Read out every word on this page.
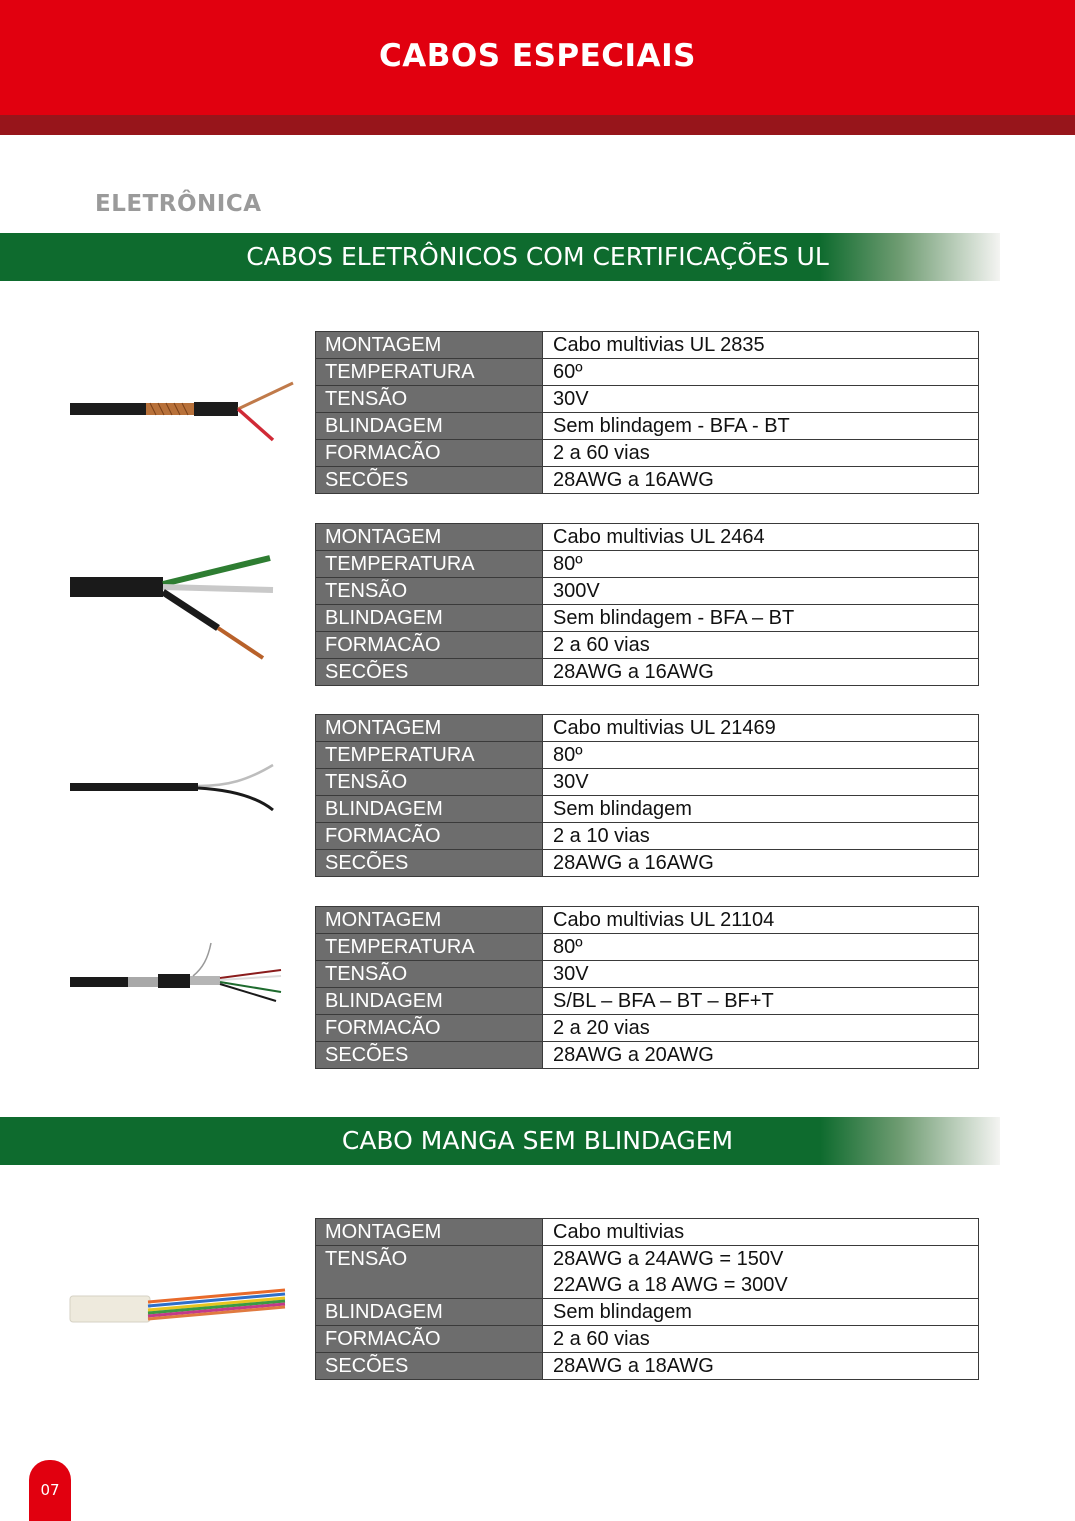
CABOS ESPECIAIS
ELETRÔNICA
CABOS ELETRÔNICOS COM CERTIFICAÇÕES UL
MONTAGEM	Cabo multivias UL 2835
TEMPERATURA	60º
TENSÃO	30V
BLINDAGEM	Sem blindagem - BFA - BT
FORMACÃO	2 a 60 vias
SECÕES	28AWG a 16AWG
MONTAGEM	Cabo multivias UL 2464
TEMPERATURA	80º
TENSÃO	300V
BLINDAGEM	Sem blindagem - BFA – BT
FORMACÃO	2 a 60 vias
SECÕES	28AWG a 16AWG
MONTAGEM	Cabo multivias UL 21469
TEMPERATURA	80º
TENSÃO	30V
BLINDAGEM	Sem blindagem
FORMACÃO	2 a 10 vias
SECÕES	28AWG a 16AWG
MONTAGEM	Cabo multivias UL 21104
TEMPERATURA	80º
TENSÃO	30V
BLINDAGEM	S/BL – BFA – BT – BF+T
FORMACÃO	2 a 20 vias
SECÕES	28AWG a 20AWG
CABO MANGA SEM BLINDAGEM
MONTAGEM	Cabo multivias
TENSÃO	28AWG a 24AWG = 150V
22AWG a 18 AWG = 300V
BLINDAGEM	Sem blindagem
FORMACÃO	2 a 60 vias
SECÕES	28AWG a 18AWG
07
